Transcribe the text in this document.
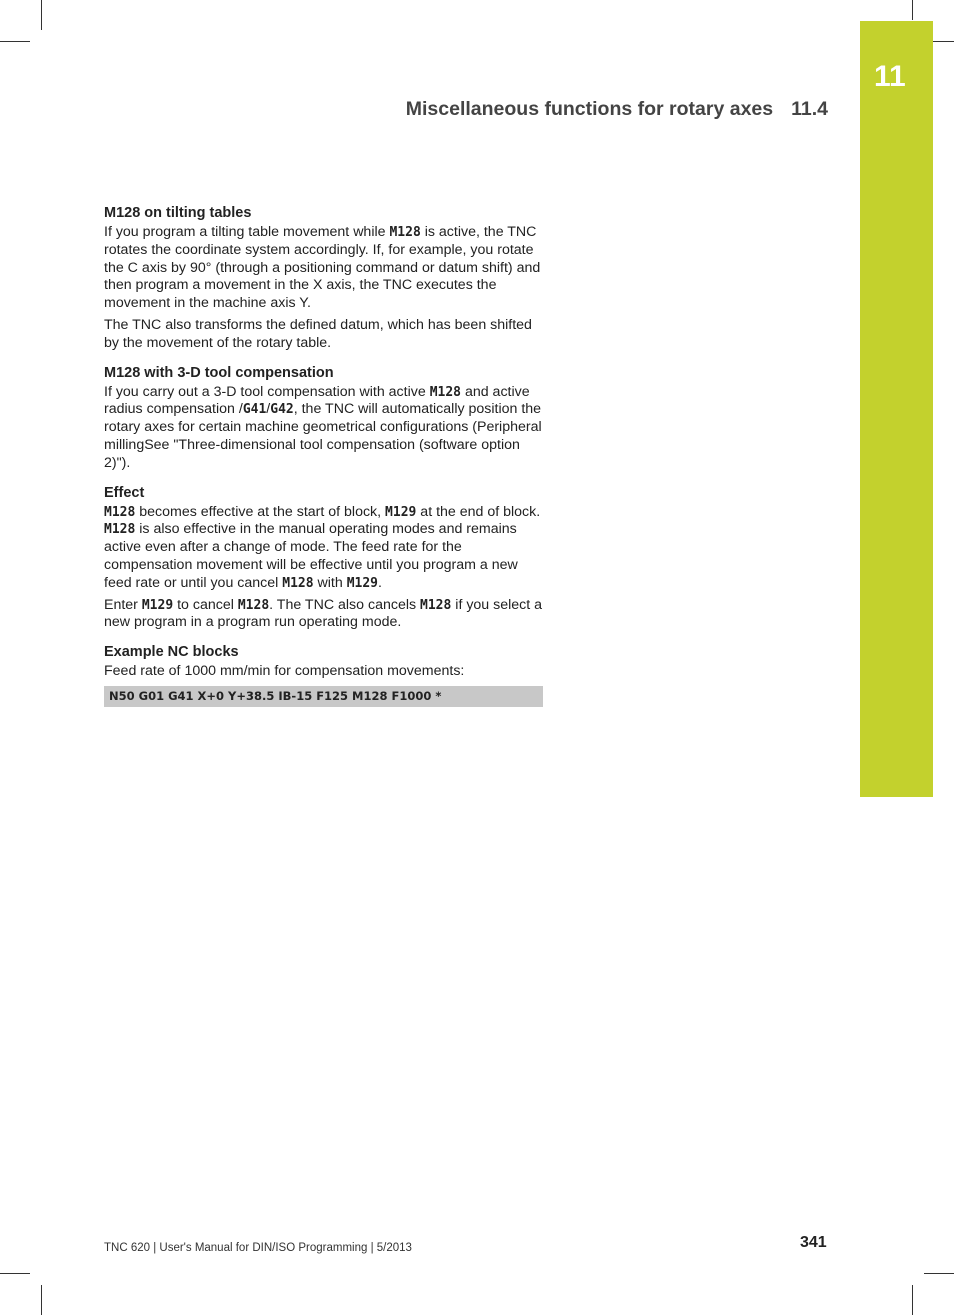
11
Miscellaneous functions for rotary axes 11.4
M128 on tilting tables

If you program a tilting table movement while M128 is active, the TNC rotates the coordinate system accordingly. If, for example, you rotate the C axis by 90° (through a positioning command or datum shift) and then program a movement in the X axis, the TNC executes the movement in the machine axis Y.

The TNC also transforms the defined datum, which has been shifted by the movement of the rotary table.

M128 with 3-D tool compensation

If you carry out a 3-D tool compensation with active M128 and active radius compensation /G41/G42, the TNC will automatically position the rotary axes for certain machine geometrical configurations (Peripheral millingSee "Three-dimensional tool compensation (software option 2)").

Effect

M128 becomes effective at the start of block, M129 at the end of block. M128 is also effective in the manual operating modes and remains active even after a change of mode. The feed rate for the compensation movement will be effective until you program a new feed rate or until you cancel M128 with M129.

Enter M129 to cancel M128. The TNC also cancels M128 if you select a new program in a program run operating mode.

Example NC blocks

Feed rate of 1000 mm/min for compensation movements:

N50 G01 G41 X+0 Y+38.5 IB-15 F125 M128 F1000 *
TNC 620 | User's Manual for DIN/ISO Programming | 5/2013	341
